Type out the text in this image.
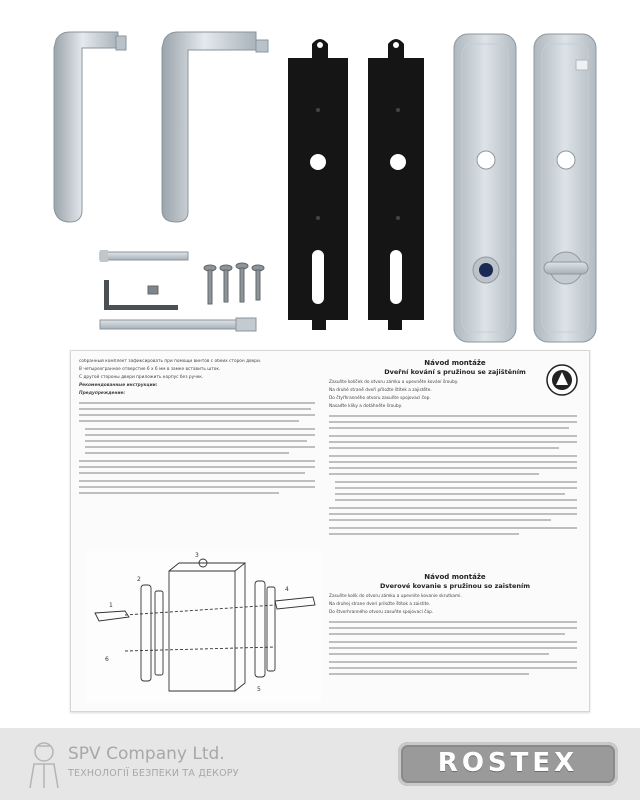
собранный комплект зафиксировать при помощи винтов с обеих сторон двери.

В четырехгранное отверстие 6 x 6 мм в замке вставить шток.

С другой стороны двери приложить корпус без ручек.

Рекомендованные инструкции:

Предупреждение:

1
2
3
4
5
6
Návod montáže
Dveřní kování s pružinou se zajištěním

Zasuňte kolíček do otvoru zámku a upevněte kování šrouby.

Na druhé straně dveří přiložte štítek a zajistěte.

Do čtyřhranného otvoru zasuňte spojovací čep.

Nasaďte kliky a dotáhněte šrouby.

Návod montáže
Dverové kovanie s pružinou so zaistením

Zasuňte kolík do otvoru zámku a upevnite kovanie skrutkami.

Na druhej strane dverí priložte štítok a zaistite.

Do štvorhranného otvoru zasuňte spojovací čap.

SPV Company Ltd.
ТЕХНОЛОГІЇ БЕЗПЕКИ ТА ДЕКОРУ	ROSTEX
